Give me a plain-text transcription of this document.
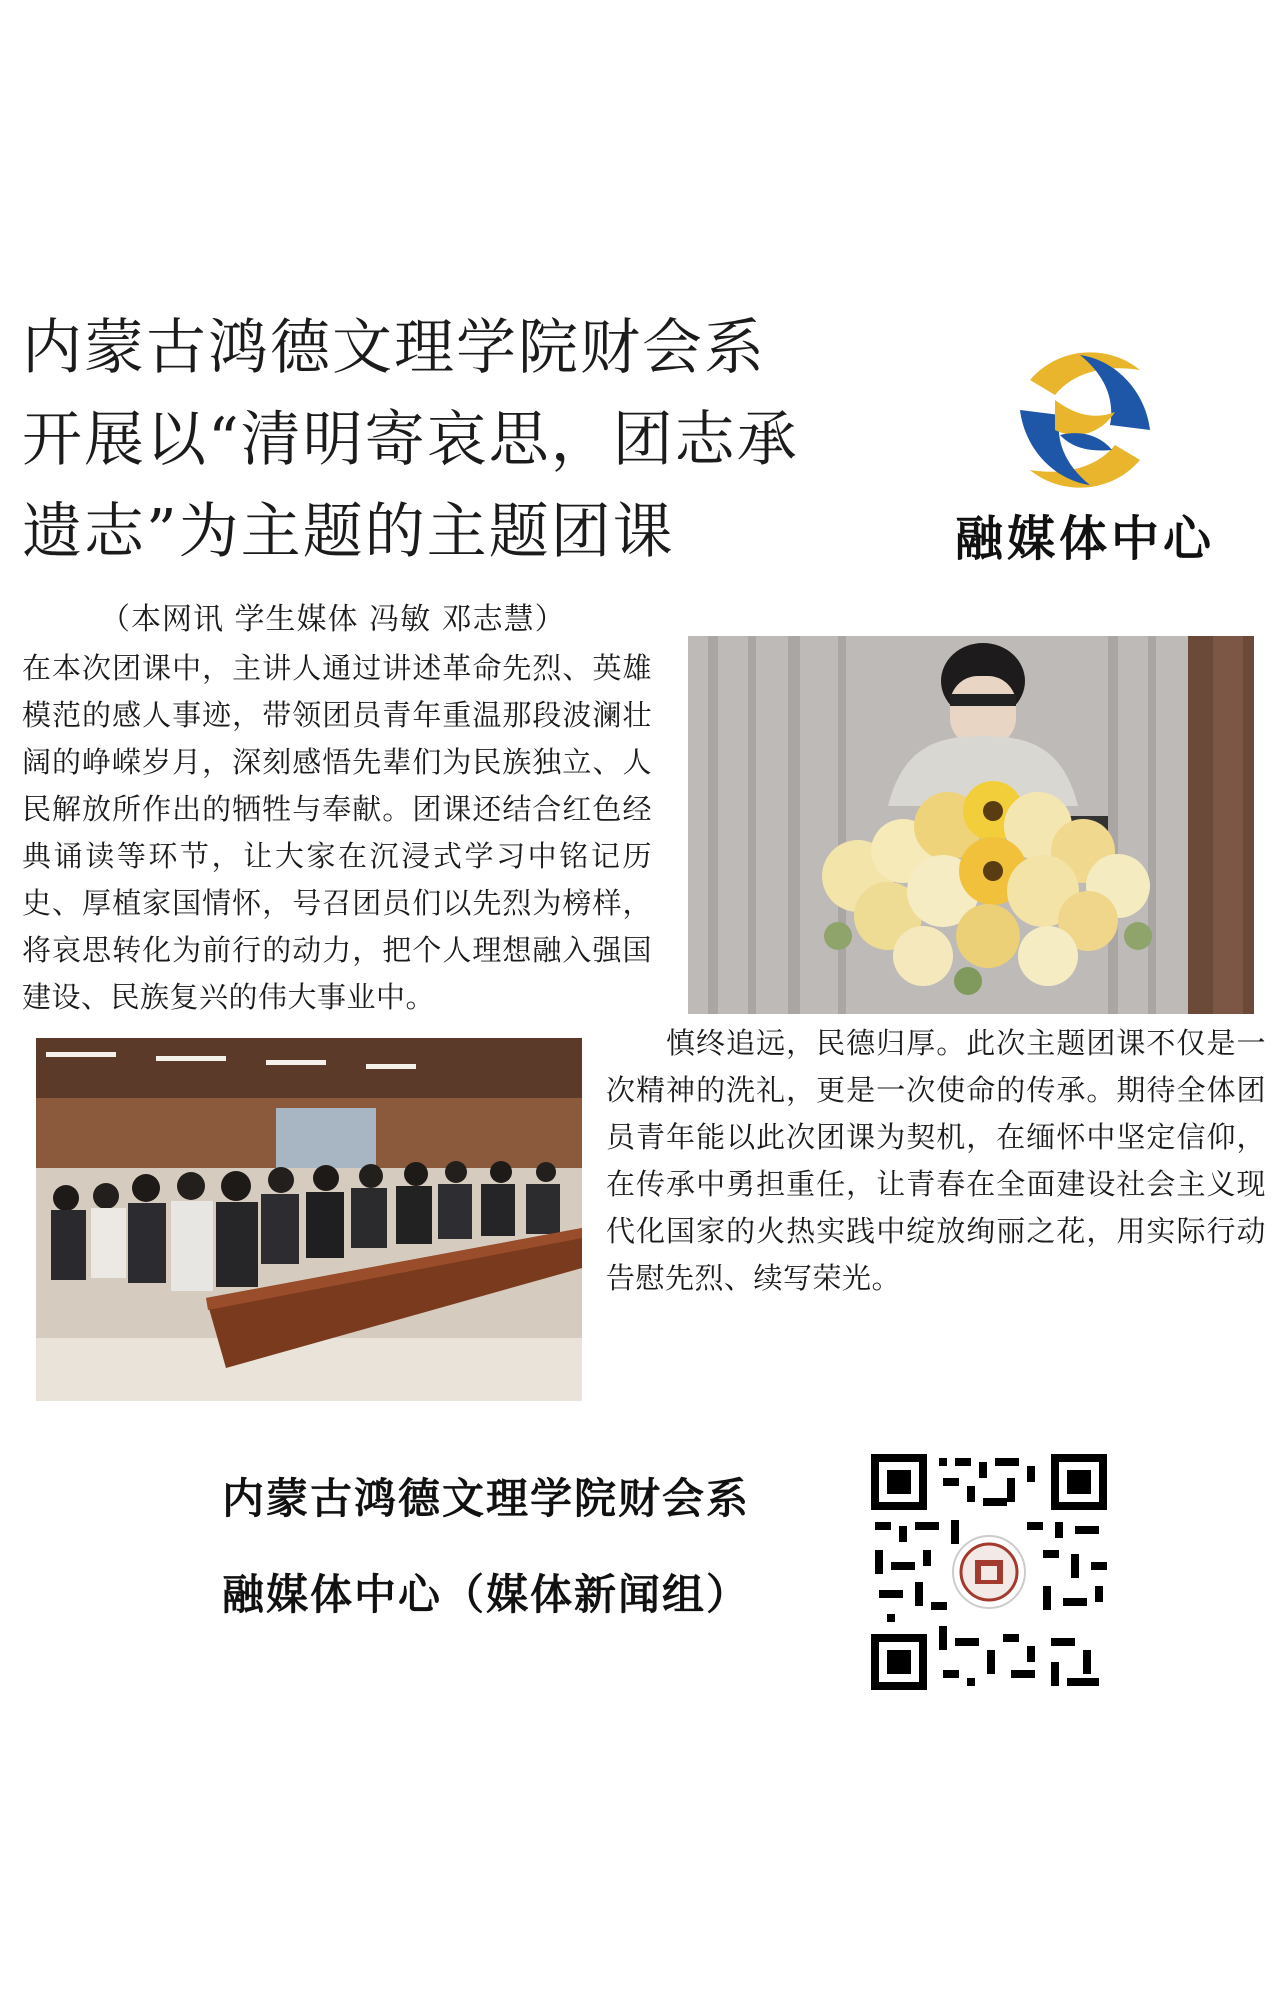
内蒙古鸿德文理学院财会系
开展以“清明寄哀思，团志承
遗志”为主题的主题团课	融媒体中心
（本网讯 学生媒体 冯敏 邓志慧）
在本次团课中，主讲人通过讲述革命先烈、英雄模范的感人事迹，带领团员青年重温那段波澜壮阔的峥嵘岁月，深刻感悟先辈们为民族独立、人民解放所作出的牺牲与奉献。团课还结合红色经典诵读等环节，让大家在沉浸式学习中铭记历史、厚植家国情怀，号召团员们以先烈为榜样，将哀思转化为前行的动力，把个人理想融入强国建设、民族复兴的伟大事业中。
慎终追远，民德归厚。此次主题团课不仅是一次精神的洗礼，更是一次使命的传承。期待全体团员青年能以此次团课为契机，在缅怀中坚定信仰，在传承中勇担重任，让青春在全面建设社会主义现代化国家的火热实践中绽放绚丽之花，用实际行动告慰先烈、续写荣光。
内蒙古鸿德文理学院财会系
融媒体中心（媒体新闻组）
